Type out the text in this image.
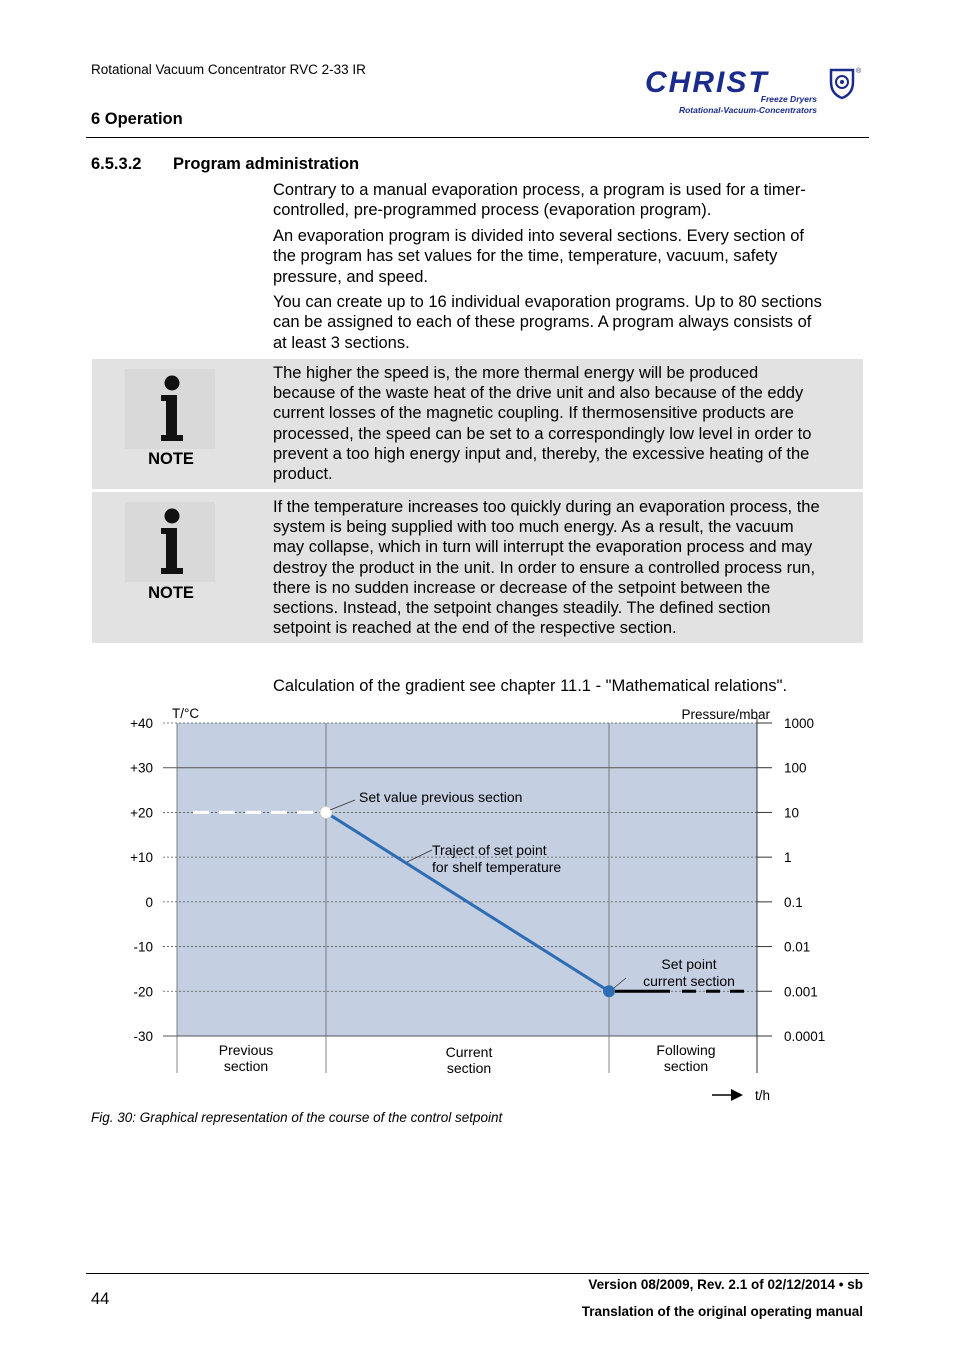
Rotational Vacuum Concentrator RVC 2-33 IR
6 Operation
CHRIST	®
Freeze Dryers
Rotational-Vacuum-Concentrators
6.5.3.2 Program administration
Contrary to a manual evaporation process, a program is used for a timer-
controlled, pre-programmed process (evaporation program).
An evaporation program is divided into several sections. Every section of
the program has set values for the time, temperature, vacuum, safety
pressure, and speed.
You can create up to 16 individual evaporation programs. Up to 80 sections
can be assigned to each of these programs. A program always consists of
at least 3 sections.
NOTE
The higher the speed is, the more thermal energy will be produced
because of the waste heat of the drive unit and also because of the eddy
current losses of the magnetic coupling. If thermosensitive products are
processed, the speed can be set to a correspondingly low level in order to
prevent a too high energy input and, thereby, the excessive heating of the
product.
NOTE
If the temperature increases too quickly during an evaporation process, the
system is being supplied with too much energy. As a result, the vacuum
may collapse, which in turn will interrupt the evaporation process and may
destroy the product in the unit. In order to ensure a controlled process run,
there is no sudden increase or decrease of the setpoint between the
sections. Instead, the setpoint changes steadily. The defined section
setpoint is reached at the end of the respective section.
Calculation of the gradient see chapter 11.1 - "Mathematical relations".
+40
+30
+20
+10
0
-10
-20
-30
1000
100
10
1
0.1
0.01
0.001
0.0001
Set value previous section
Traject of set point
for shelf temperature
Set point
current section
Previous
section
Current
section
Following
section
T/°C	Pressure/mbar
t/h
Fig. 30: Graphical representation of the course of the control setpoint
44
Version 08/2009, Rev. 2.1 of 02/12/2014 • sb
Translation of the original operating manual
